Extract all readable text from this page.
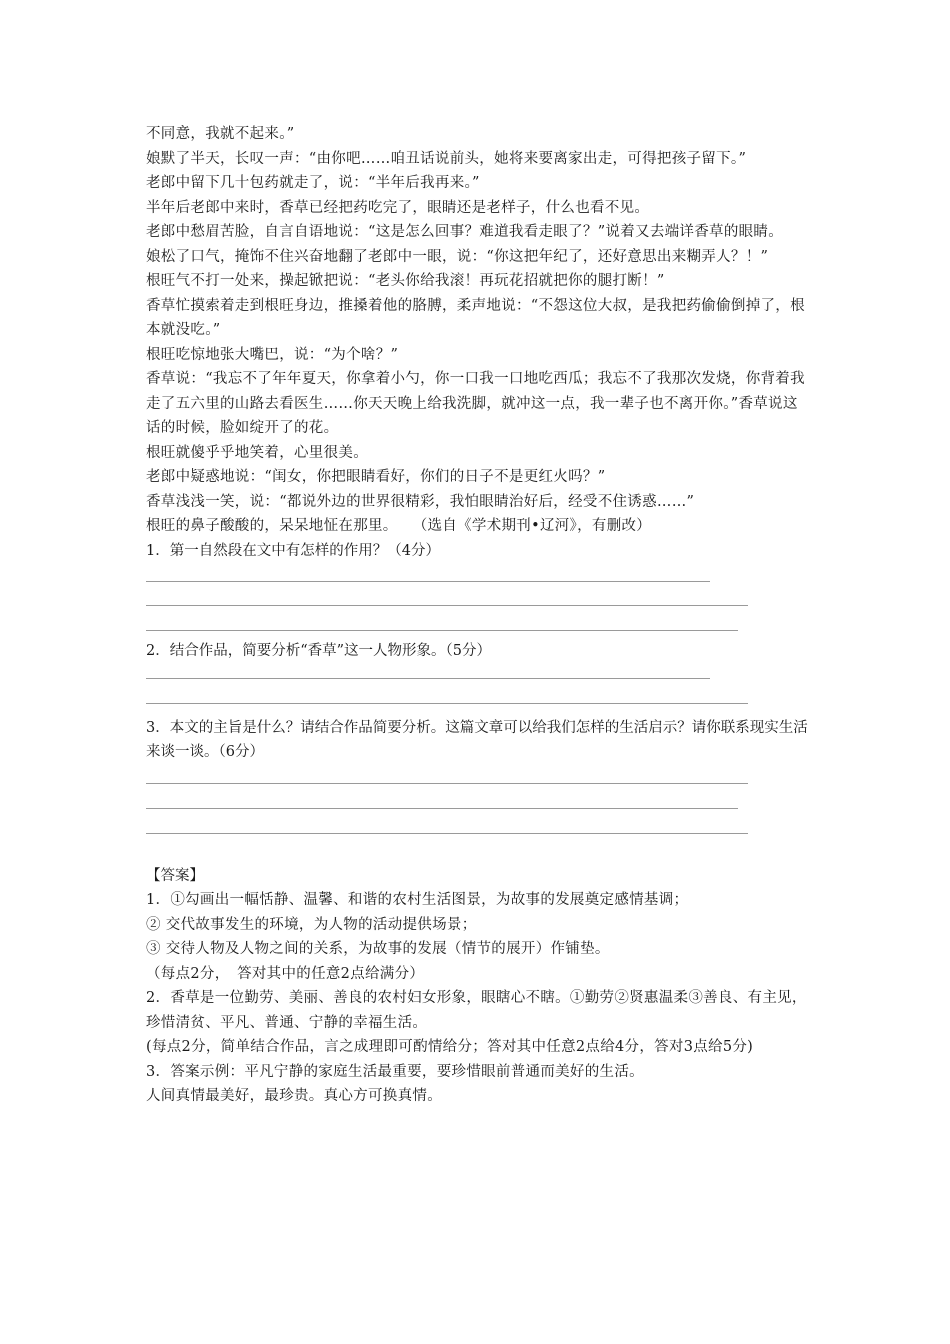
不同意，我就不起来。”

娘默了半天，长叹一声：“由你吧……咱丑话说前头，她将来要离家出走，可得把孩子留下。”

老郎中留下几十包药就走了，说：“半年后我再来。”

半年后老郎中来时，香草已经把药吃完了，眼睛还是老样子，什么也看不见。

老郎中愁眉苦脸，自言自语地说：“这是怎么回事？难道我看走眼了？”说着又去端详香草的眼睛。

娘松了口气，掩饰不住兴奋地翻了老郎中一眼，说：“你这把年纪了，还好意思出来糊弄人？！”

根旺气不打一处来，操起锨把说：“老头你给我滚！再玩花招就把你的腿打断！”

香草忙摸索着走到根旺身边，推搡着他的胳膊，柔声地说：“不怨这位大叔，是我把药偷偷倒掉了，根本就没吃。”

根旺吃惊地张大嘴巴，说：“为个啥？”

香草说：“我忘不了年年夏天，你拿着小勺，你一口我一口地吃西瓜；我忘不了我那次发烧，你背着我走了五六里的山路去看医生……你天天晚上给我洗脚，就冲这一点，我一辈子也不离开你。”香草说这话的时候，脸如绽开了的花。

根旺就傻乎乎地笑着，心里很美。

老郎中疑惑地说：“闺女，你把眼睛看好，你们的日子不是更红火吗？”

香草浅浅一笑，说：“都说外边的世界很精彩，我怕眼睛治好后，经受不住诱惑……”

根旺的鼻子酸酸的，呆呆地怔在那里。　　（选自《学术期刊•辽河》，有删改）

1．第一自然段在文中有怎样的作用？（4分）

2．结合作品，简要分析“香草”这一人物形象。（5分）

3．本文的主旨是什么？请结合作品简要分析。这篇文章可以给我们怎样的生活启示？请你联系现实生活来谈一谈。（6分）

【答案】

1．①勾画出一幅恬静、温馨、和谐的农村生活图景，为故事的发展奠定感情基调；

② 交代故事发生的环境，为人物的活动提供场景；

③ 交待人物及人物之间的关系，为故事的发展（情节的展开）作铺垫。

（每点2分，　答对其中的任意2点给满分）

2．香草是一位勤劳、美丽、善良的农村妇女形象，眼瞎心不瞎。①勤劳②贤惠温柔③善良、有主见，珍惜清贫、平凡、普通、宁静的幸福生活。

(每点2分，简单结合作品，言之成理即可酌情给分；答对其中任意2点给4分，答对3点给5分)

3．答案示例：平凡宁静的家庭生活最重要，要珍惜眼前普通而美好的生活。

人间真情最美好，最珍贵。真心方可换真情。
